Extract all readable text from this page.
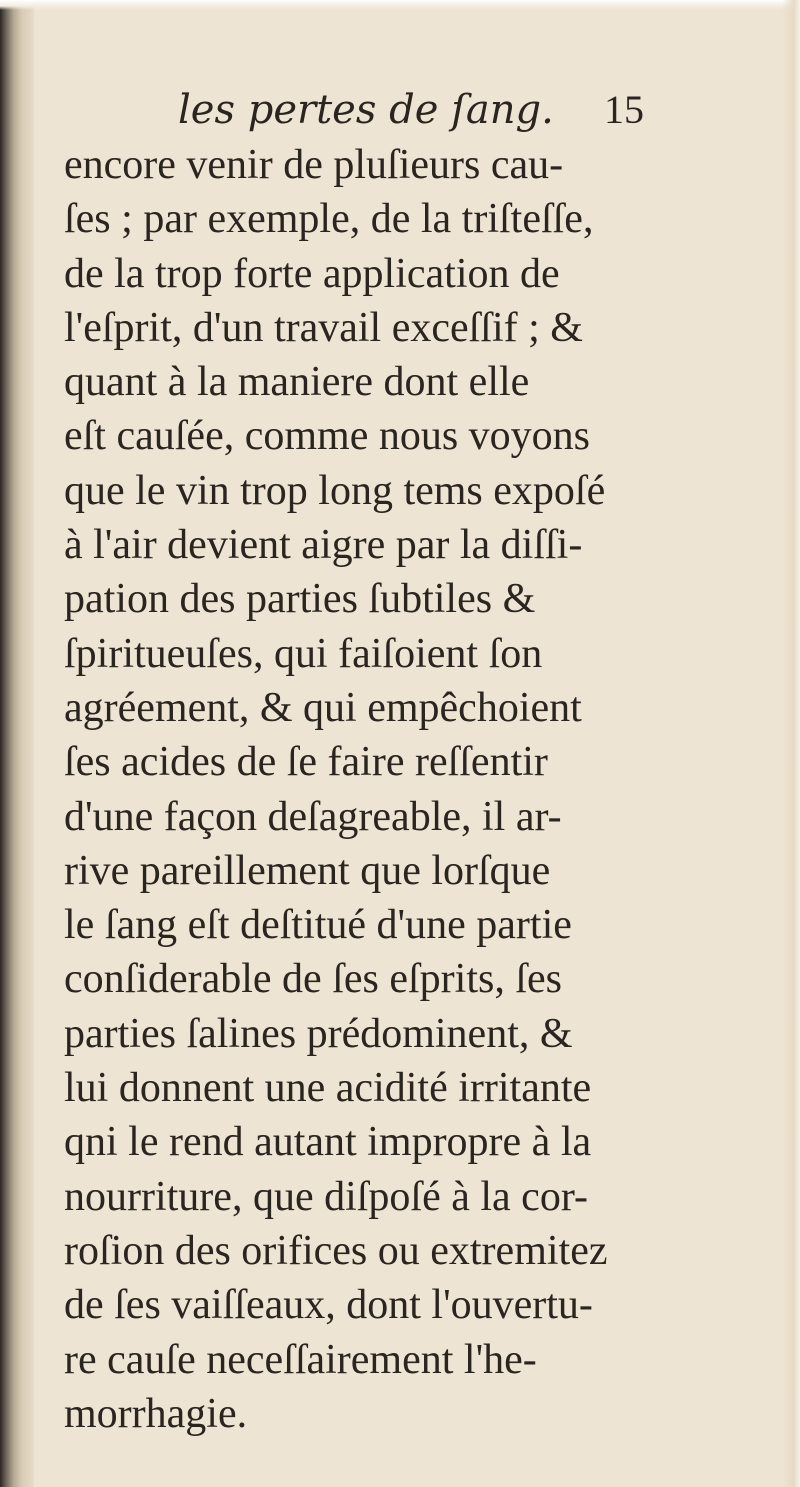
les pertes de ſang. 15
encore venir de pluſieurs cau-
ſes ; par exemple, de la triſteſſe,
de la trop forte application de
l'eſprit, d'un travail exceſſif ; &
quant à la maniere dont elle
eſt cauſée, comme nous voyons
que le vin trop long tems expoſé
à l'air devient aigre par la diſſi-
pation des parties ſubtiles &
ſpiritueuſes, qui faiſoient ſon
agréement, & qui empêchoient
ſes acides de ſe faire reſſentir
d'une façon deſagreable, il ar-
rive pareillement que lorſque
le ſang eſt deſtitué d'une partie
conſiderable de ſes eſprits, ſes
parties ſalines prédominent, &
lui donnent une acidité irritante
qni le rend autant impropre à la
nourriture, que diſpoſé à la cor-
roſion des orifices ou extremitez
de ſes vaiſſeaux, dont l'ouvertu-
re cauſe neceſſairement l'he-
morrhagie.
